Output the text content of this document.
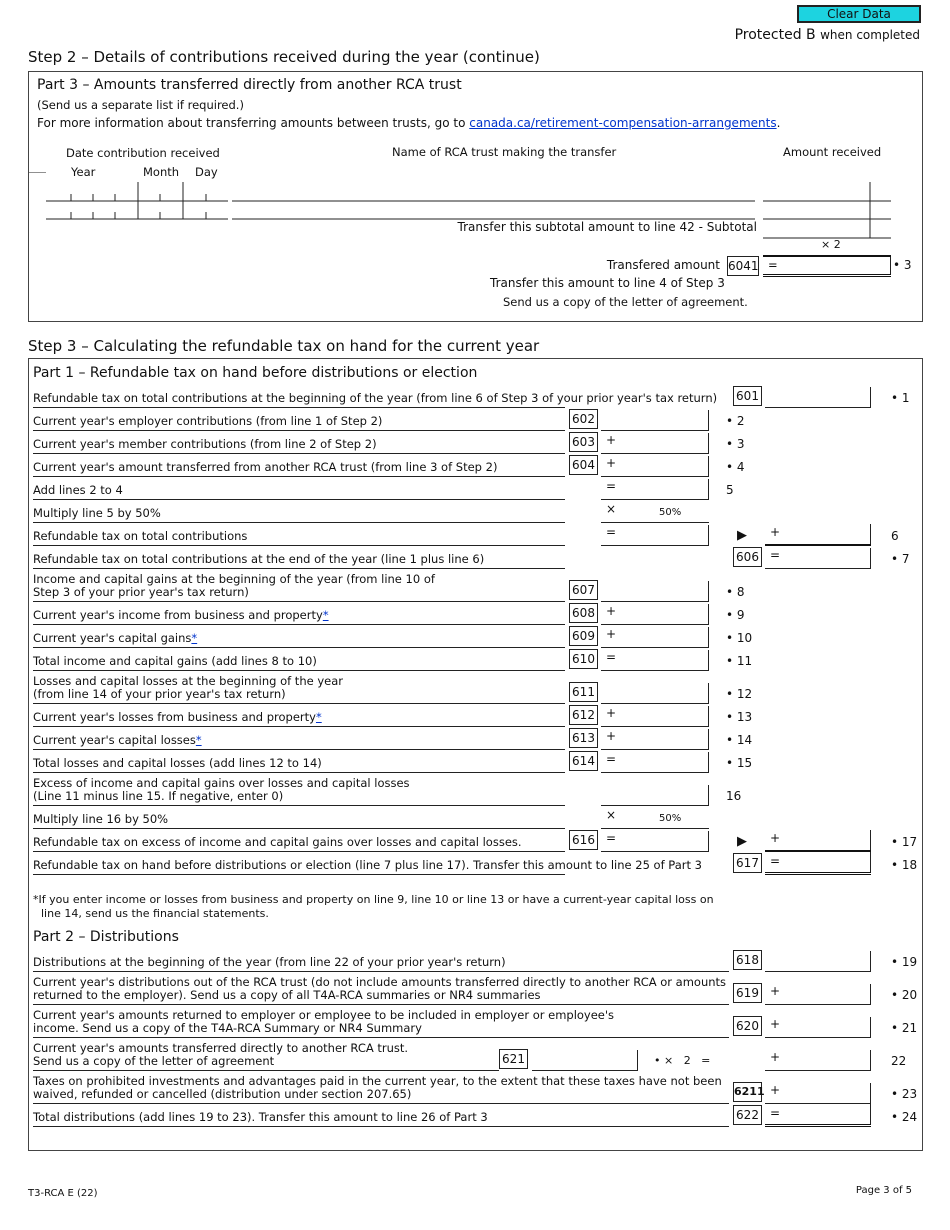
Clear Data
Protected B when completed
Step 2 – Details of contributions received during the year (continue)
Part 3 – Amounts transferred directly from another RCA trust
(Send us a separate list if required.)
For more information about transferring amounts between trusts, go to canada.ca/retirement-compensation-arrangements.
Date contribution received
Year	Month Day
Name of RCA trust making the transfer	Amount received
Transfer this subtotal amount to line 42 - Subtotal
× 2
Transfered amount 6041 =	• 3
Transfer this amount to line 4 of Step 3
Send us a copy of the letter of agreement.
Step 3 – Calculating the refundable tax on hand for the current year
Part 1 – Refundable tax on hand before distributions or election
Refundable tax on total contributions at the beginning of the year (from line 6 of Step 3 of your prior year's tax return) 601	• 1
Current year's employer contributions (from line 1 of Step 2)	602	• 2
Current year's member contributions (from line 2 of Step 2)	603 +	• 3
Current year's amount transferred from another RCA trust (from line 3 of Step 2)	604 +	• 4
Add lines 2 to 4	=	5
Multiply line 5 by 50%	×	50%
Refundable tax on total contributions	=	▶ +	6
Refundable tax on total contributions at the end of the year (line 1 plus line 6)	606 =	• 7
Income and capital gains at the beginning of the year (from line 10 of
Step 3 of your prior year's tax return)	607	• 8
Current year's income from business and property*	608 +	• 9
Current year's capital gains*	609 +	• 10
Total income and capital gains (add lines 8 to 10)	610 =	• 11
Losses and capital losses at the beginning of the year
(from line 14 of your prior year's tax return)	611	• 12
Current year's losses from business and property*	612 +	• 13
Current year's capital losses*	613 +	• 14
Total losses and capital losses (add lines 12 to 14)	614 =	• 15
Excess of income and capital gains over losses and capital losses
(Line 11 minus line 15. If negative, enter 0)	16
Multiply line 16 by 50%	×	50%
Refundable tax on excess of income and capital gains over losses and capital losses.	616 =	▶ +	• 17
Refundable tax on hand before distributions or election (line 7 plus line 17). Transfer this amount to line 25 of Part 3	617 =	• 18
*If you enter income or losses from business and property on line 9, line 10 or line 13 or have a current-year capital loss on
line 14, send us the financial statements.
Part 2 – Distributions
Distributions at the beginning of the year (from line 22 of your prior year's return)	618	• 19
Current year's distributions out of the RCA trust (do not include amounts transferred directly to another RCA or amounts
returned to the employer). Send us a copy of all T4A-RCA summaries or NR4 summaries	619 +	• 20
Current year's amounts returned to employer or employee to be included in employer or employee's
income. Send us a copy of the T4A-RCA Summary or NR4 Summary	620 +	• 21
Current year's amounts transferred directly to another RCA trust.
Send us a copy of the letter of agreement	621	• ×   2   =	+	22
Taxes on prohibited investments and advantages paid in the current year, to the extent that these taxes have not been
waived, refunded or cancelled (distribution under section 207.65)	6211 +	• 23
Total distributions (add lines 19 to 23). Transfer this amount to line 26 of Part 3	622 =	• 24
T3-RCA E (22)	Page 3 of 5
